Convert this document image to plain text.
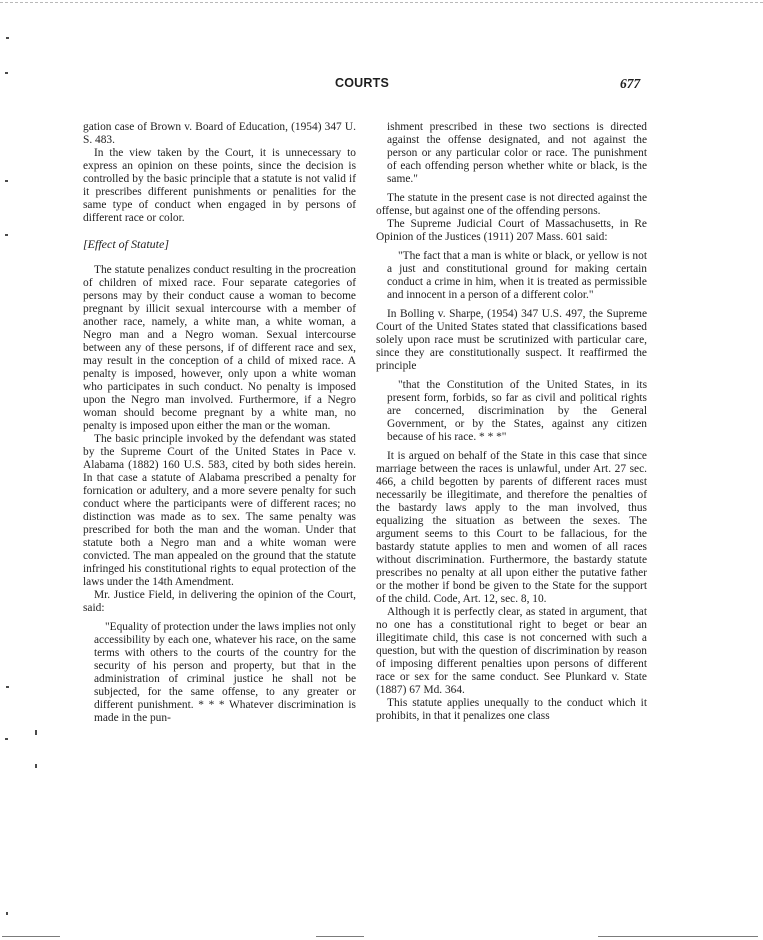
COURTS	677

gation case of Brown v. Board of Education, (1954) 347 U. S. 483.

In the view taken by the Court, it is unnecessary to express an opinion on these points, since the decision is controlled by the basic principle that a statute is not valid if it prescribes different punishments or penalities for the same type of conduct when engaged in by persons of different race or color.

[Effect of Statute]

The statute penalizes conduct resulting in the procreation of children of mixed race. Four separate categories of persons may by their conduct cause a woman to become pregnant by illicit sexual intercourse with a member of another race, namely, a white man, a white woman, a Negro man and a Negro woman. Sexual intercourse between any of these persons, if of different race and sex, may result in the conception of a child of mixed race. A penalty is imposed, however, only upon a white woman who participates in such conduct. No penalty is imposed upon the Negro man involved. Furthermore, if a Negro woman should become pregnant by a white man, no penalty is imposed upon either the man or the woman.

The basic principle invoked by the defendant was stated by the Supreme Court of the United States in Pace v. Alabama (1882) 160 U.S. 583, cited by both sides herein. In that case a statute of Alabama prescribed a penalty for fornication or adultery, and a more severe penalty for such conduct where the participants were of different races; no distinction was made as to sex. The same penalty was prescribed for both the man and the woman. Under that statute both a Negro man and a white woman were convicted. The man appealed on the ground that the statute infringed his constitutional rights to equal protection of the laws under the 14th Amendment.

Mr. Justice Field, in delivering the opinion of the Court, said:

"Equality of protection under the laws implies not only accessibility by each one, whatever his race, on the same terms with others to the courts of the country for the security of his person and property, but that in the administration of criminal justice he shall not be subjected, for the same offense, to any greater or different punishment. * * * Whatever discrimination is made in the pun-

ishment prescribed in these two sections is directed against the offense designated, and not against the person or any particular color or race. The punishment of each offending person whether white or black, is the same."

The statute in the present case is not directed against the offense, but against one of the offending persons.

The Supreme Judicial Court of Massachusetts, in Re Opinion of the Justices (1911) 207 Mass. 601 said:

"The fact that a man is white or black, or yellow is not a just and constitutional ground for making certain conduct a crime in him, when it is treated as permissible and innocent in a person of a different color."

In Bolling v. Sharpe, (1954) 347 U.S. 497, the Supreme Court of the United States stated that classifications based solely upon race must be scrutinized with particular care, since they are constitutionally suspect. It reaffirmed the principle

"that the Constitution of the United States, in its present form, forbids, so far as civil and political rights are concerned, discrimination by the General Government, or by the States, against any citizen because of his race. * * *"

It is argued on behalf of the State in this case that since marriage between the races is unlawful, under Art. 27 sec. 466, a child begotten by parents of different races must necessarily be illegitimate, and therefore the penalties of the bastardy laws apply to the man involved, thus equalizing the situation as between the sexes. The argument seems to this Court to be fallacious, for the bastardy statute applies to men and women of all races without discrimination. Furthermore, the bastardy statute prescribes no penalty at all upon either the putative father or the mother if bond be given to the State for the support of the child. Code, Art. 12, sec. 8, 10.

Although it is perfectly clear, as stated in argument, that no one has a constitutional right to beget or bear an illegitimate child, this case is not concerned with such a question, but with the question of discrimination by reason of imposing different penalties upon persons of different race or sex for the same conduct. See Plunkard v. State (1887) 67 Md. 364.

This statute applies unequally to the conduct which it prohibits, in that it penalizes one class
